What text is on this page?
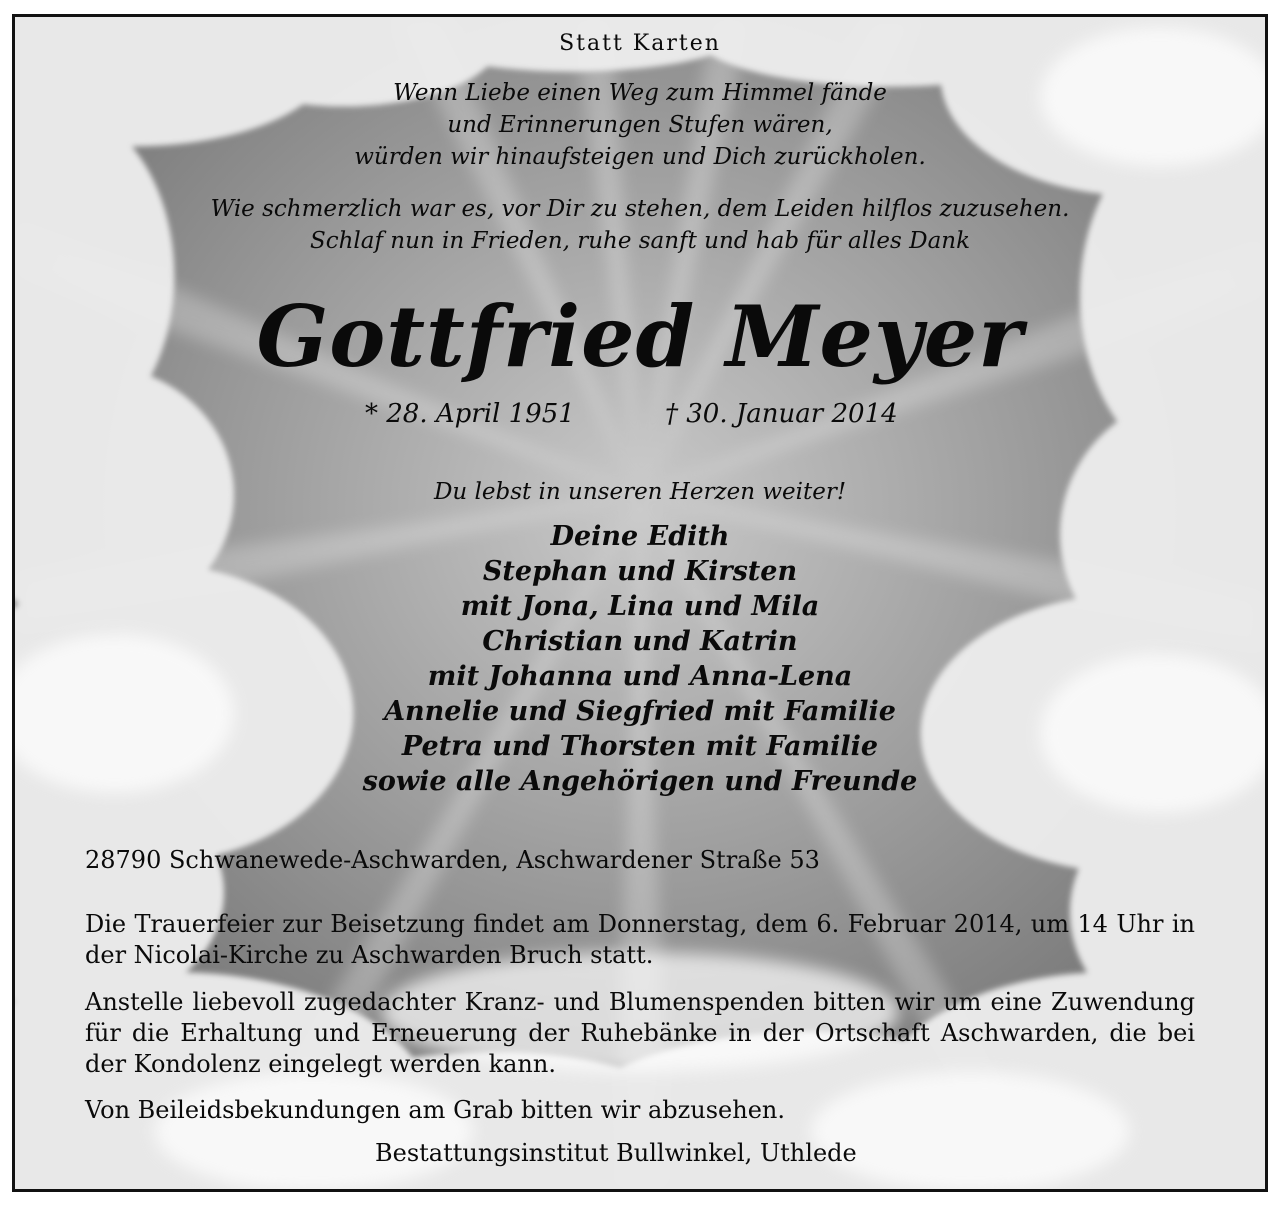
Statt Karten
Wenn Liebe einen Weg zum Himmel fände
und Erinnerungen Stufen wären,
würden wir hinaufsteigen und Dich zurückholen.
Wie schmerzlich war es, vor Dir zu stehen, dem Leiden hilflos zuzusehen.
Schlaf nun in Frieden, ruhe sanft und hab für alles Dank
Gottfried Meyer
* 28. April 1951	† 30. Januar 2014
Du lebst in unseren Herzen weiter!
Deine Edith
Stephan und Kirsten
mit Jona, Lina und Mila
Christian und Katrin
mit Johanna und Anna-Lena
Annelie und Siegfried mit Familie
Petra und Thorsten mit Familie
sowie alle Angehörigen und Freunde
28790 Schwanewede-Aschwarden, Aschwardener Straße 53
Die Trauerfeier zur Beisetzung findet am Donnerstag, dem 6. Februar 2014, um 14 Uhr in der Nicolai-Kirche zu Aschwarden Bruch statt.
Anstelle liebevoll zugedachter Kranz- und Blumenspenden bitten wir um eine Zuwendung für die Erhaltung und Erneuerung der Ruhebänke in der Ortschaft Aschwarden, die bei der Kondolenz eingelegt werden kann.
Von Beileidsbekundungen am Grab bitten wir abzusehen.
Bestattungsinstitut Bullwinkel, Uthlede
